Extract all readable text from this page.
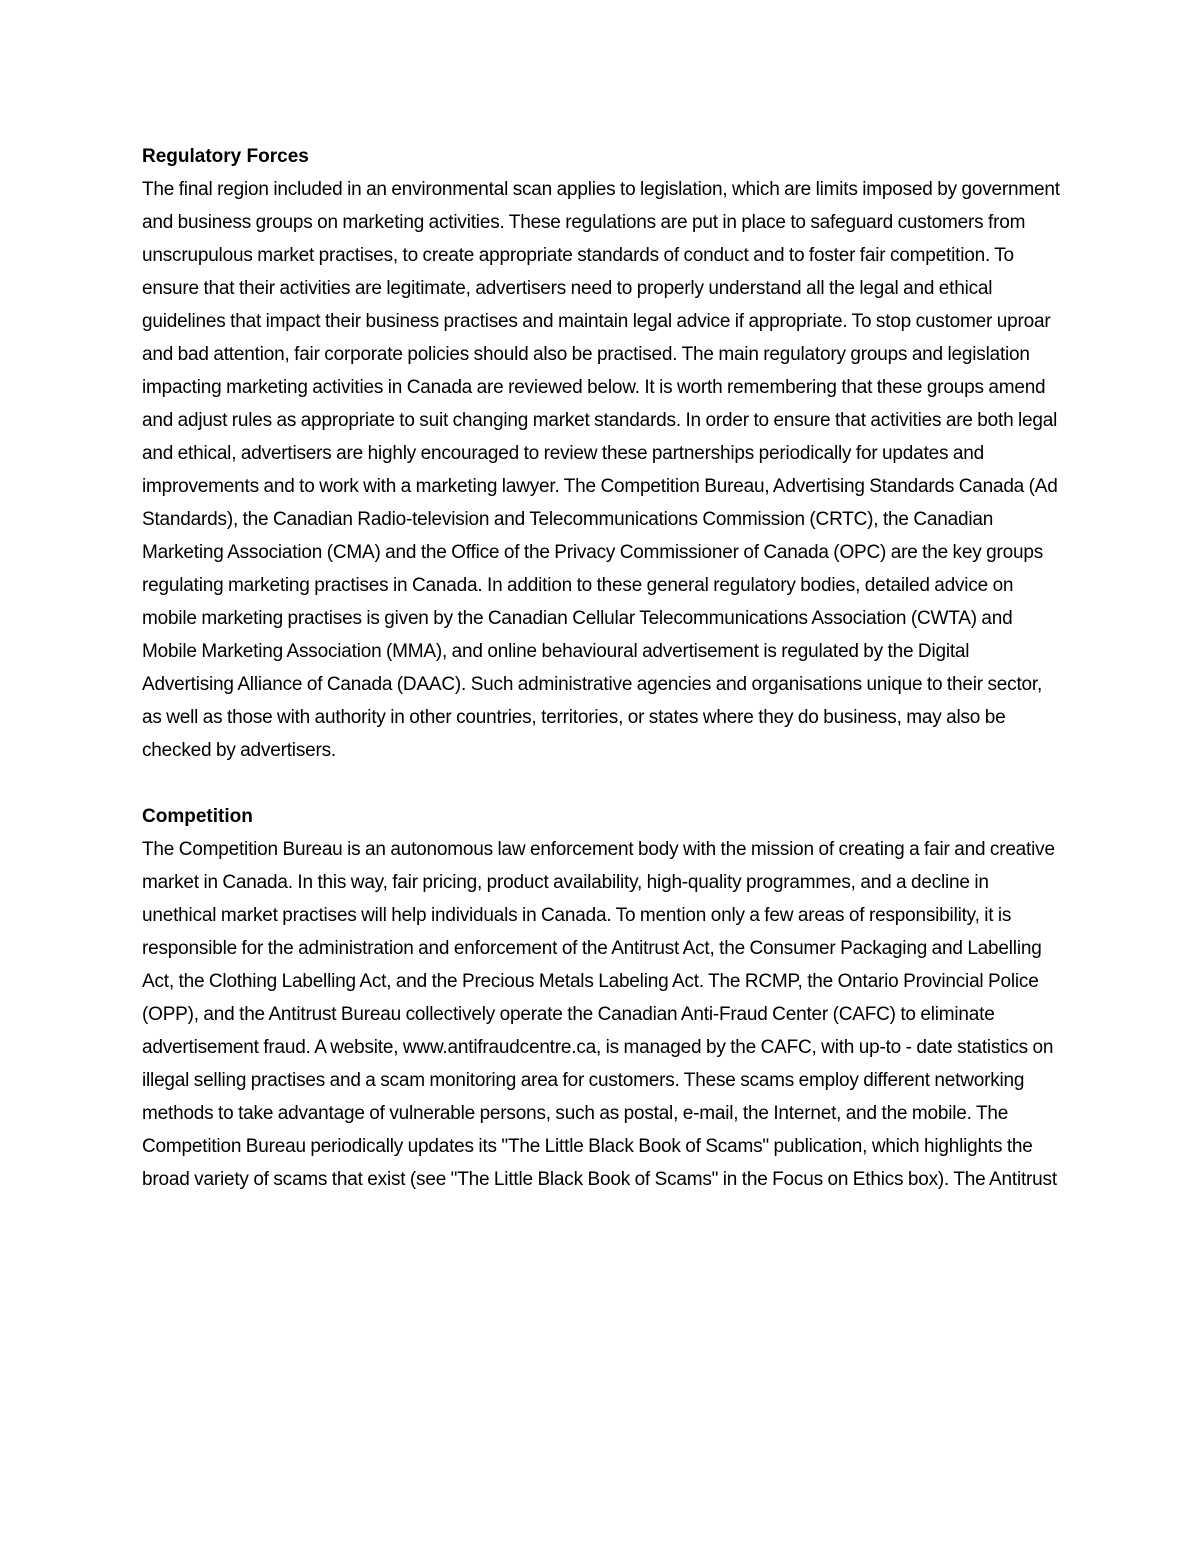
Regulatory Forces

The final region included in an environmental scan applies to legislation, which are limits imposed by government and business groups on marketing activities. These regulations are put in place to safeguard customers from unscrupulous market practises, to create appropriate standards of conduct and to foster fair competition. To ensure that their activities are legitimate, advertisers need to properly understand all the legal and ethical guidelines that impact their business practises and maintain legal advice if appropriate. To stop customer uproar and bad attention, fair corporate policies should also be practised. The main regulatory groups and legislation impacting marketing activities in Canada are reviewed below. It is worth remembering that these groups amend and adjust rules as appropriate to suit changing market standards. In order to ensure that activities are both legal and ethical, advertisers are highly encouraged to review these partnerships periodically for updates and improvements and to work with a marketing lawyer. The Competition Bureau, Advertising Standards Canada (Ad Standards), the Canadian Radio-television and Telecommunications Commission (CRTC), the Canadian Marketing Association (CMA) and the Office of the Privacy Commissioner of Canada (OPC) are the key groups regulating marketing practises in Canada. In addition to these general regulatory bodies, detailed advice on mobile marketing practises is given by the Canadian Cellular Telecommunications Association (CWTA) and Mobile Marketing Association (MMA), and online behavioural advertisement is regulated by the Digital Advertising Alliance of Canada (DAAC). Such administrative agencies and organisations unique to their sector, as well as those with authority in other countries, territories, or states where they do business, may also be checked by advertisers.

Competition

The Competition Bureau is an autonomous law enforcement body with the mission of creating a fair and creative market in Canada. In this way, fair pricing, product availability, high-quality programmes, and a decline in unethical market practises will help individuals in Canada. To mention only a few areas of responsibility, it is responsible for the administration and enforcement of the Antitrust Act, the Consumer Packaging and Labelling Act, the Clothing Labelling Act, and the Precious Metals Labeling Act. The RCMP, the Ontario Provincial Police (OPP), and the Antitrust Bureau collectively operate the Canadian Anti-Fraud Center (CAFC) to eliminate advertisement fraud. A website, www.antifraudcentre.ca, is managed by the CAFC, with up-to - date statistics on illegal selling practises and a scam monitoring area for customers. These scams employ different networking methods to take advantage of vulnerable persons, such as postal, e-mail, the Internet, and the mobile. The Competition Bureau periodically updates its "The Little Black Book of Scams" publication, which highlights the broad variety of scams that exist (see "The Little Black Book of Scams" in the Focus on Ethics box). The Antitrust
